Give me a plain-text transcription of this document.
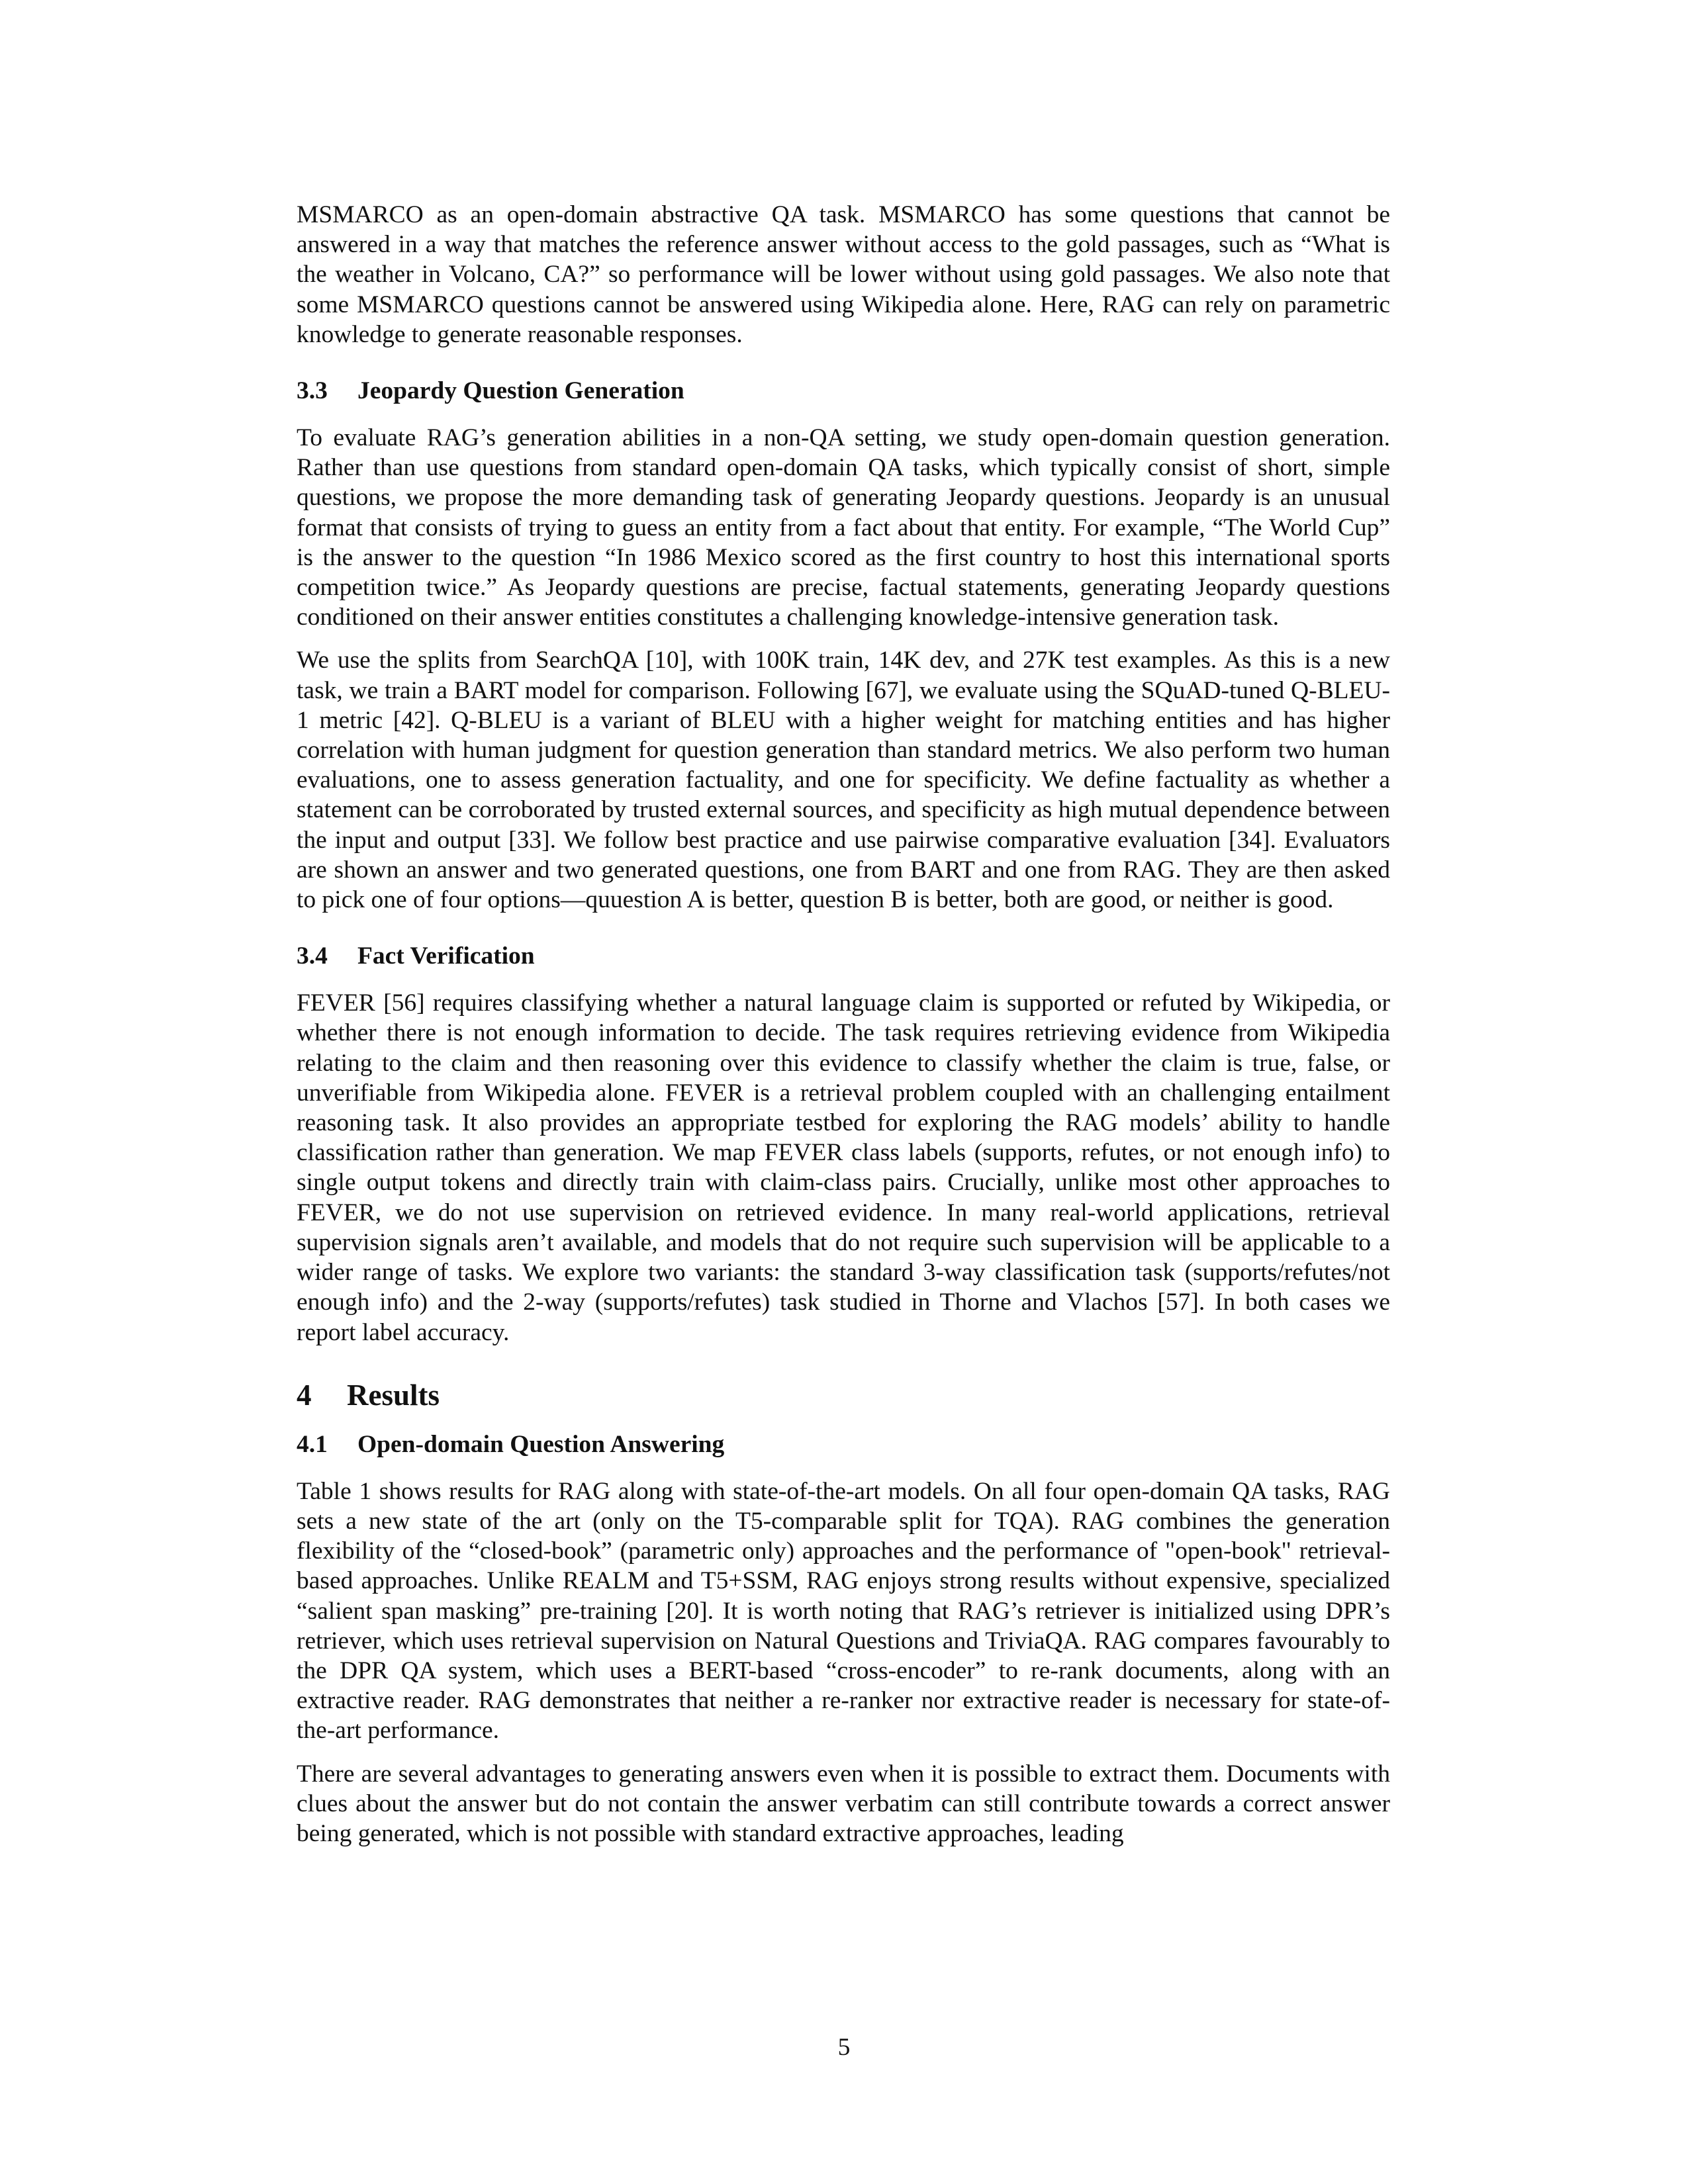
MSMARCO as an open-domain abstractive QA task. MSMARCO has some questions that cannot be answered in a way that matches the reference answer without access to the gold passages, such as “What is the weather in Volcano, CA?” so performance will be lower without using gold passages. We also note that some MSMARCO questions cannot be answered using Wikipedia alone. Here, RAG can rely on parametric knowledge to generate reasonable responses.

3.3 Jeopardy Question Generation

To evaluate RAG’s generation abilities in a non-QA setting, we study open-domain question generation. Rather than use questions from standard open-domain QA tasks, which typically consist of short, simple questions, we propose the more demanding task of generating Jeopardy questions. Jeopardy is an unusual format that consists of trying to guess an entity from a fact about that entity. For example, “The World Cup” is the answer to the question “In 1986 Mexico scored as the first country to host this international sports competition twice.” As Jeopardy questions are precise, factual statements, generating Jeopardy questions conditioned on their answer entities constitutes a challenging knowledge-intensive generation task.

We use the splits from SearchQA [10], with 100K train, 14K dev, and 27K test examples. As this is a new task, we train a BART model for comparison. Following [67], we evaluate using the SQuAD-tuned Q-BLEU-1 metric [42]. Q-BLEU is a variant of BLEU with a higher weight for matching entities and has higher correlation with human judgment for question generation than standard metrics. We also perform two human evaluations, one to assess generation factuality, and one for specificity. We define factuality as whether a statement can be corroborated by trusted external sources, and specificity as high mutual dependence between the input and output [33]. We follow best practice and use pairwise comparative evaluation [34]. Evaluators are shown an answer and two generated questions, one from BART and one from RAG. They are then asked to pick one of four options—quuestion A is better, question B is better, both are good, or neither is good.

3.4 Fact Verification

FEVER [56] requires classifying whether a natural language claim is supported or refuted by Wikipedia, or whether there is not enough information to decide. The task requires retrieving evidence from Wikipedia relating to the claim and then reasoning over this evidence to classify whether the claim is true, false, or unverifiable from Wikipedia alone. FEVER is a retrieval problem coupled with an challenging entailment reasoning task. It also provides an appropriate testbed for exploring the RAG models’ ability to handle classification rather than generation. We map FEVER class labels (supports, refutes, or not enough info) to single output tokens and directly train with claim-class pairs. Crucially, unlike most other approaches to FEVER, we do not use supervision on retrieved evidence. In many real-world applications, retrieval supervision signals aren’t available, and models that do not require such supervision will be applicable to a wider range of tasks. We explore two variants: the standard 3-way classification task (supports/refutes/not enough info) and the 2-way (supports/refutes) task studied in Thorne and Vlachos [57]. In both cases we report label accuracy.

4 Results
4.1 Open-domain Question Answering

Table 1 shows results for RAG along with state-of-the-art models. On all four open-domain QA tasks, RAG sets a new state of the art (only on the T5-comparable split for TQA). RAG combines the generation flexibility of the “closed-book” (parametric only) approaches and the performance of "open-book" retrieval-based approaches. Unlike REALM and T5+SSM, RAG enjoys strong results without expensive, specialized “salient span masking” pre-training [20]. It is worth noting that RAG’s retriever is initialized using DPR’s retriever, which uses retrieval supervision on Natural Questions and TriviaQA. RAG compares favourably to the DPR QA system, which uses a BERT-based “cross-encoder” to re-rank documents, along with an extractive reader. RAG demonstrates that neither a re-ranker nor extractive reader is necessary for state-of-the-art performance.

There are several advantages to generating answers even when it is possible to extract them. Documents with clues about the answer but do not contain the answer verbatim can still contribute towards a correct answer being generated, which is not possible with standard extractive approaches, leading

5
